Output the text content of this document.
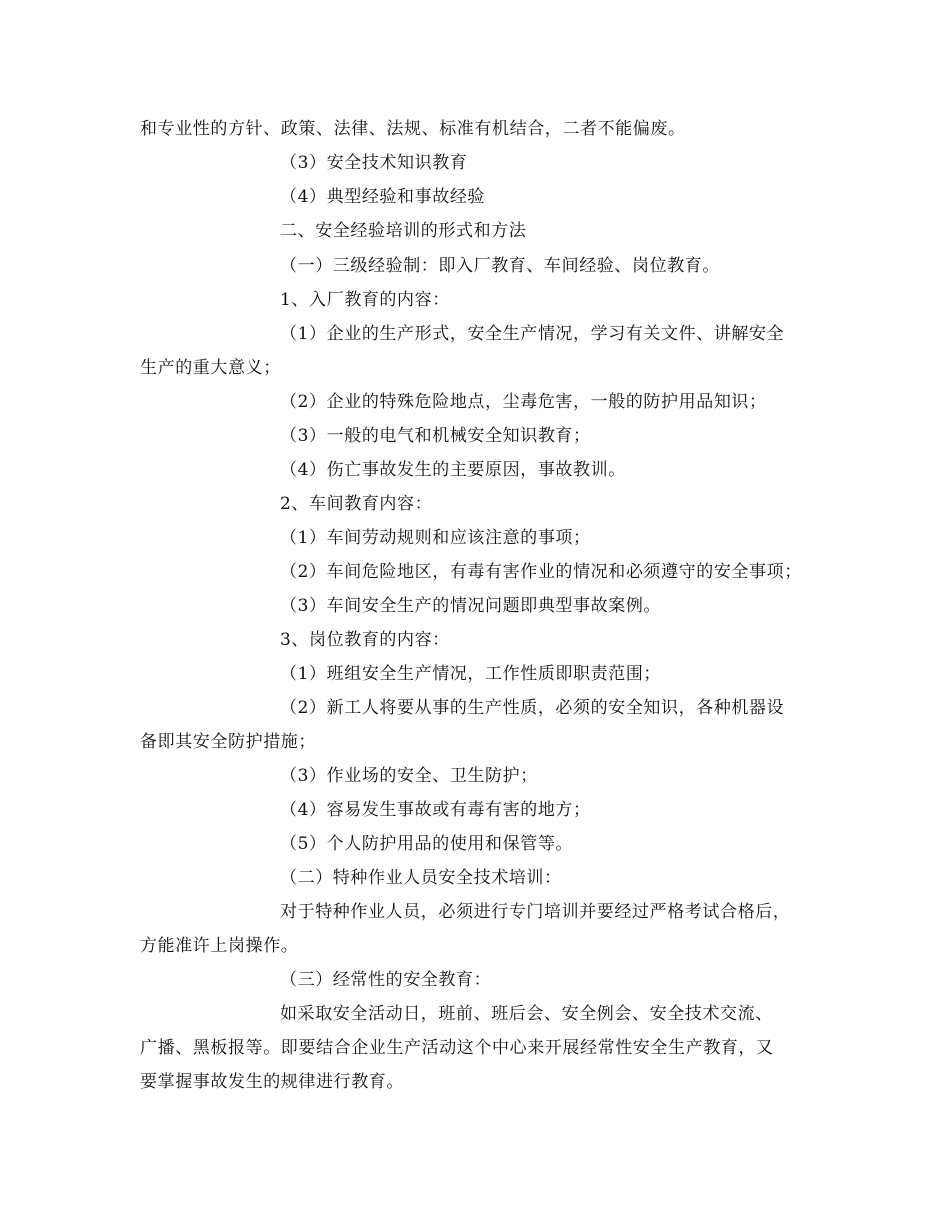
和专业性的方针、政策、法律、法规、标准有机结合，二者不能偏废。
（3）安全技术知识教育
（4）典型经验和事故经验
二、安全经验培训的形式和方法
（一）三级经验制：即入厂教育、车间经验、岗位教育。
1、入厂教育的内容：
（1）企业的生产形式，安全生产情况，学习有关文件、讲解安全
生产的重大意义；
（2）企业的特殊危险地点，尘毒危害，一般的防护用品知识；
（3）一般的电气和机械安全知识教育；
（4）伤亡事故发生的主要原因，事故教训。
2、车间教育内容：
（1）车间劳动规则和应该注意的事项；
（2）车间危险地区，有毒有害作业的情况和必须遵守的安全事项；
（3）车间安全生产的情况问题即典型事故案例。
3、岗位教育的内容：
（1）班组安全生产情况，工作性质即职责范围；
（2）新工人将要从事的生产性质，必须的安全知识，各种机器设
备即其安全防护措施；
（3）作业场的安全、卫生防护；
（4）容易发生事故或有毒有害的地方；
（5）个人防护用品的使用和保管等。
（二）特种作业人员安全技术培训：
对于特种作业人员，必须进行专门培训并要经过严格考试合格后，
方能准许上岗操作。
（三）经常性的安全教育：
如采取安全活动日，班前、班后会、安全例会、安全技术交流、
广播、黑板报等。即要结合企业生产活动这个中心来开展经常性安全生产教育，又
要掌握事故发生的规律进行教育。
